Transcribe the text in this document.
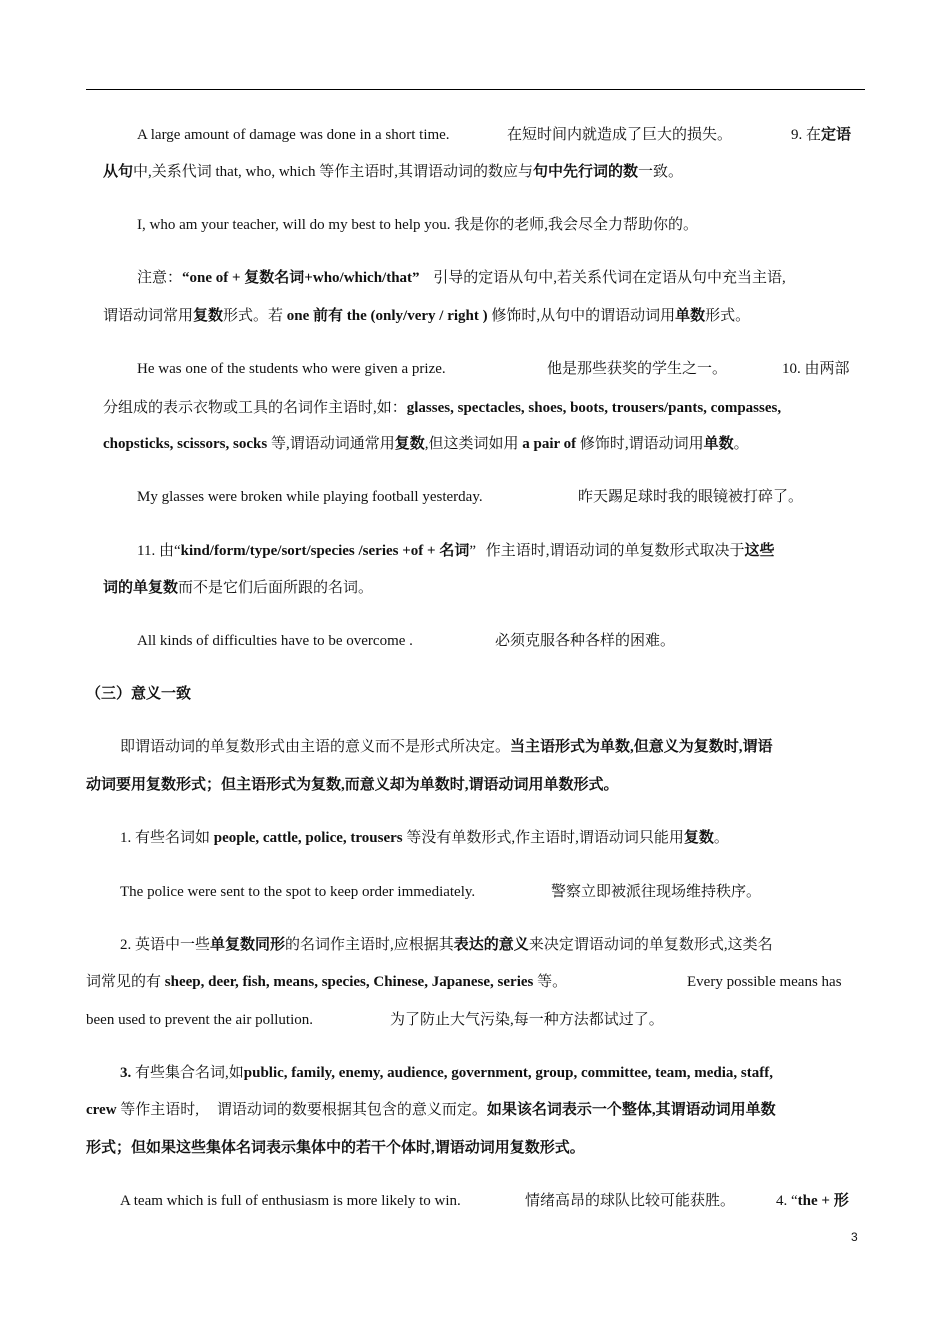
A large amount of damage was done in a short time.	在短时间内就造成了巨大的损失。	9. 在定语
从句中,关系代词 that, who, which 等作主语时,其谓语动词的数应与句中先行词的数一致。
I, who am your teacher, will do my best to help you. 我是你的老师,我会尽全力帮助你的。
注意：“one of + 复数名词+who/which/that” 引导的定语从句中,若关系代词在定语从句中充当主语,
谓语动词常用复数形式。若 one 前有 the (only/very / right ) 修饰时,从句中的谓语动词用单数形式。
He was one of the students who were given a prize.	他是那些获奖的学生之一。	10. 由两部
分组成的表示衣物或工具的名词作主语时,如：glasses, spectacles, shoes, boots, trousers/pants, compasses,
chopsticks, scissors, socks 等,谓语动词通常用复数,但这类词如用 a pair of 修饰时,谓语动词用单数。
My glasses were broken while playing football yesterday.	昨天踢足球时我的眼镜被打碎了。
11. 由“kind/form/type/sort/species /series +of + 名词” 作主语时,谓语动词的单复数形式取决于这些
词的单复数而不是它们后面所跟的名词。
All kinds of difficulties have to be overcome .	必须克服各种各样的困难。
（三）意义一致
即谓语动词的单复数形式由主语的意义而不是形式所决定。当主语形式为单数,但意义为复数时,谓语
动词要用复数形式；但主语形式为复数,而意义却为单数时,谓语动词用单数形式。
1. 有些名词如 people, cattle, police, trousers 等没有单数形式,作主语时,谓语动词只能用复数。
The police were sent to the spot to keep order immediately.	警察立即被派往现场维持秩序。
2. 英语中一些单复数同形的名词作主语时,应根据其表达的意义来决定谓语动词的单复数形式,这类名
词常见的有 sheep, deer, fish, means, species, Chinese, Japanese, series 等。	Every possible means has
been used to prevent the air pollution.	为了防止大气污染,每一种方法都试过了。
3. 有些集合名词,如public, family, enemy, audience, government, group, committee, team, media, staff,
crew 等作主语时, 谓语动词的数要根据其包含的意义而定。如果该名词表示一个整体,其谓语动词用单数
形式；但如果这些集体名词表示集体中的若干个体时,谓语动词用复数形式。
A team which is full of enthusiasm is more likely to win.	情绪高昂的球队比较可能获胜。	4. “the + 形
3
